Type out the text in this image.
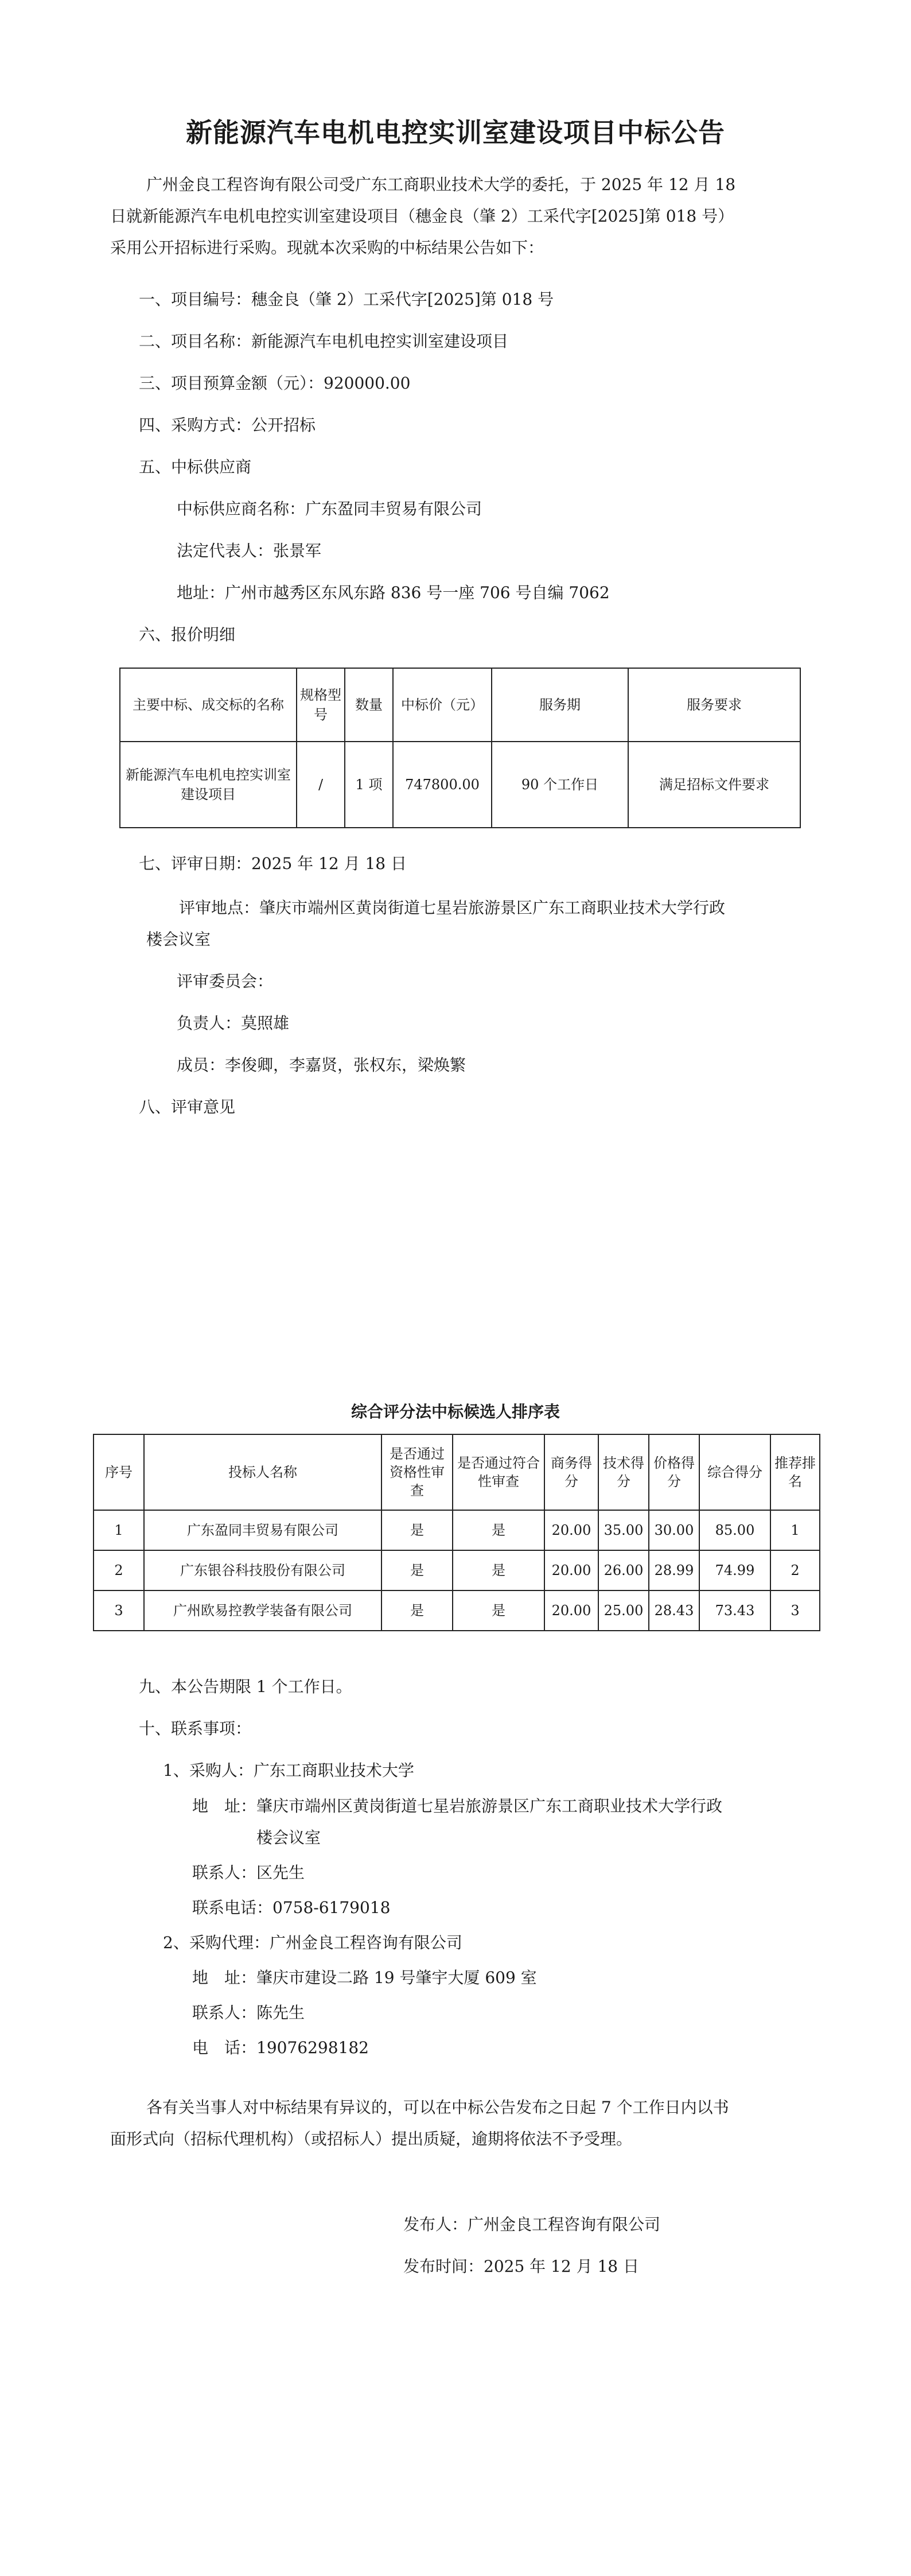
新能源汽车电机电控实训室建设项目中标公告
广州金良工程咨询有限公司受广东工商职业技术大学的委托，于 2025 年 12 月 18
日就新能源汽车电机电控实训室建设项目（穗金良（肇 2）工采代字[2025]第 018 号）
采用公开招标进行采购。现就本次采购的中标结果公告如下：
一、项目编号：穗金良（肇 2）工采代字[2025]第 018 号
二、项目名称：新能源汽车电机电控实训室建设项目
三、项目预算金额（元）：920000.00
四、采购方式：公开招标
五、中标供应商
中标供应商名称：广东盈同丰贸易有限公司
法定代表人：张景军
地址：广州市越秀区东风东路 836 号一座 706 号自编 7062
六、报价明细
主要中标、成交标的名称	规格型号	数量	中标价（元）	服务期	服务要求
新能源汽车电机电控实训室建设项目	/	1 项	747800.00	90 个工作日	满足招标文件要求
七、评审日期：2025 年 12 月 18 日
评审地点：肇庆市端州区黄岗街道七星岩旅游景区广东工商职业技术大学行政
楼会议室
评审委员会：
负责人：莫照雄
成员：李俊卿，李嘉贤，张权东，梁焕繁
八、评审意见
综合评分法中标候选人排序表
序号	投标人名称	是否通过资格性审查	是否通过符合性审查	商务得分	技术得分	价格得分	综合得分	推荐排名
1	广东盈同丰贸易有限公司	是	是	20.00	35.00	30.00	85.00	1
2	广东银谷科技股份有限公司	是	是	20.00	26.00	28.99	74.99	2
3	广州欧易控教学装备有限公司	是	是	20.00	25.00	28.43	73.43	3
九、本公告期限 1 个工作日。
十、联系事项：
1、采购人：广东工商职业技术大学
地　址： 肇庆市端州区黄岗街道七星岩旅游景区广东工商职业技术大学行政
楼会议室
联系人：区先生
联系电话：0758-6179018
2、采购代理：广州金良工程咨询有限公司
地　址：肇庆市建设二路 19 号肇宇大厦 609 室
联系人：陈先生
电　话：19076298182
各有关当事人对中标结果有异议的，可以在中标公告发布之日起 7 个工作日内以书
面形式向（招标代理机构）（或招标人）提出质疑，逾期将依法不予受理。
发布人：广州金良工程咨询有限公司
发布时间：2025 年 12 月 18 日
